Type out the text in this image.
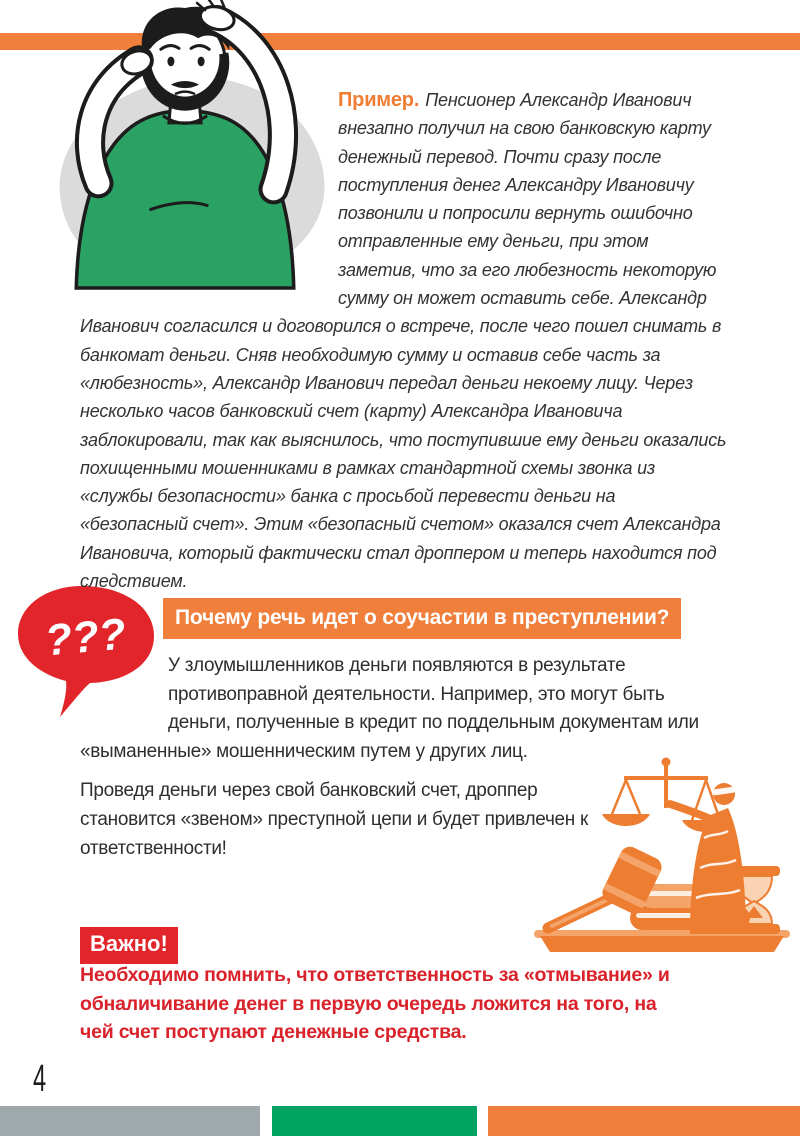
Пример. Пенсионер Александр Иванович внезапно получил на свою банковскую карту денежный перевод. Почти сразу после поступления денег Александру Ивановичу позвонили и попросили вернуть ошибочно отправленные ему деньги, при этом заметив, что за его любезность некоторую сумму он может оставить себе. Александр Иванович согласился и договорился о встрече, после чего пошел снимать в банкомат деньги. Сняв необходимую сумму и оставив себе часть за «любезность», Александр Иванович передал деньги некоему лицу. Через несколько часов банковский счет (карту) Александра Ивановича заблокировали, так как выяснилось, что поступившие ему деньги оказались похищенными мошенниками в рамках стандартной схемы звонка из «службы безопасности» банка с просьбой перевести деньги на «безопасный счет». Этим «безопасный счетом» оказался счет Александра Ивановича, который фактически стал дроппером и теперь находится под следствием.
???	Почему речь идет о соучастии в преступлении?
У злоумышленников деньги появляются в результате противоправной деятельности. Например, это могут быть деньги, полученные в кредит по поддельным документам или «выманенные» мошенническим путем у других лиц.
Проведя деньги через свой банковский счет, дроппер становится «звеном» преступной цепи и будет привлечен к ответственности!
Важно!
Необходимо помнить, что ответственность за «отмывание» и обналичивание денег в первую очередь ложится на того, на чей счет поступают денежные средства.
4
